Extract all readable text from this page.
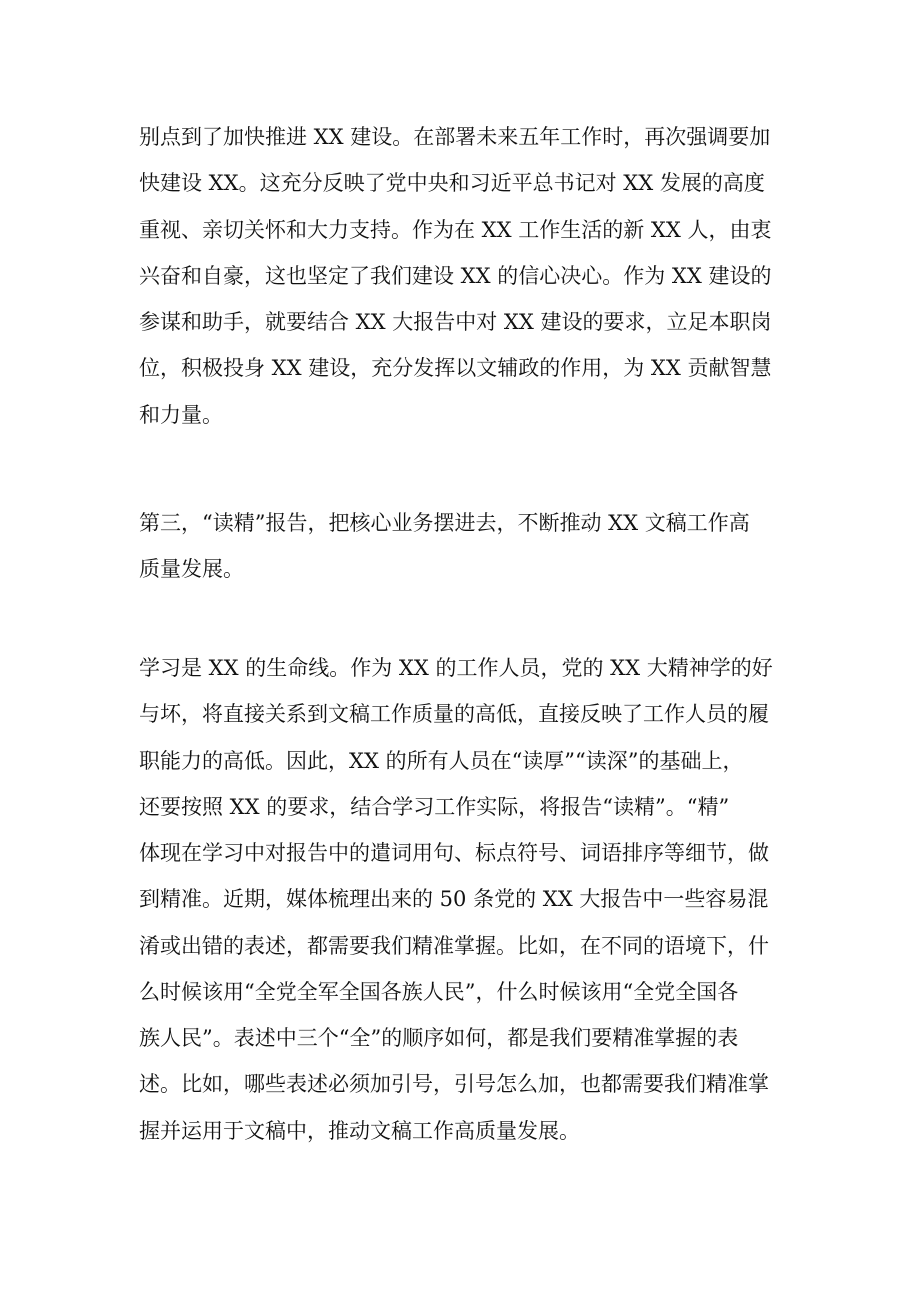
别点到了加快推进 XX 建设。在部署未来五年工作时，再次强调要加
快建设 XX。这充分反映了党中央和习近平总书记对 XX 发展的高度
重视、亲切关怀和大力支持。作为在 XX 工作生活的新 XX 人，由衷
兴奋和自豪，这也坚定了我们建设 XX 的信心决心。作为 XX 建设的
参谋和助手，就要结合 XX 大报告中对 XX 建设的要求，立足本职岗
位，积极投身 XX 建设，充分发挥以文辅政的作用，为 XX 贡献智慧
和力量。

第三，“读精”报告，把核心业务摆进去，不断推动 XX 文稿工作高
质量发展。

学习是 XX 的生命线。作为 XX 的工作人员，党的 XX 大精神学的好
与坏，将直接关系到文稿工作质量的高低，直接反映了工作人员的履
职能力的高低。因此，XX 的所有人员在“读厚”“读深”的基础上，
还要按照 XX 的要求，结合学习工作实际，将报告“读精”。“精”
体现在学习中对报告中的遣词用句、标点符号、词语排序等细节，做
到精准。近期，媒体梳理出来的 50 条党的 XX 大报告中一些容易混
淆或出错的表述，都需要我们精准掌握。比如，在不同的语境下，什
么时候该用“全党全军全国各族人民”，什么时候该用“全党全国各
族人民”。表述中三个“全”的顺序如何，都是我们要精准掌握的表
述。比如，哪些表述必须加引号，引号怎么加，也都需要我们精准掌
握并运用于文稿中，推动文稿工作高质量发展。
